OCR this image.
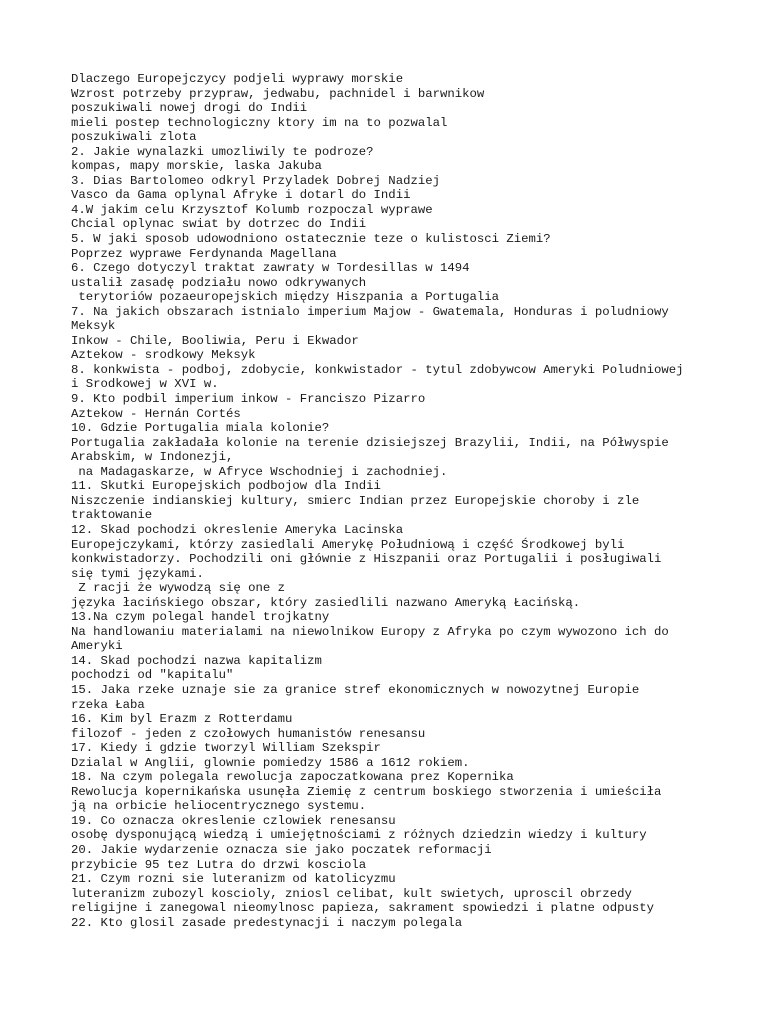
Dlaczego Europejczycy podjeli wyprawy morskie
Wzrost potrzeby przypraw, jedwabu, pachnidel i barwnikow
poszukiwali nowej drogi do Indii
mieli postep technologiczny ktory im na to pozwalal
poszukiwali zlota
2. Jakie wynalazki umozliwily te podroze?
kompas, mapy morskie, laska Jakuba
3. Dias Bartolomeo odkryl Przyladek Dobrej Nadziej
Vasco da Gama oplynal Afryke i dotarl do Indii
4.W jakim celu Krzysztof Kolumb rozpoczal wyprawe
Chcial oplynac swiat by dotrzec do Indii
5. W jaki sposob udowodniono ostatecznie teze o kulistosci Ziemi?
Poprzez wyprawe Ferdynanda Magellana
6. Czego dotyczyl traktat zawraty w Tordesillas w 1494
ustalił zasadę podziału nowo odkrywanych
terytoriów pozaeuropejskich między Hiszpania a Portugalia
7. Na jakich obszarach istnialo imperium Majow - Gwatemala, Honduras i poludniowy
Meksyk
Inkow - Chile, Booliwia, Peru i Ekwador
Aztekow - srodkowy Meksyk
8. konkwista - podboj, zdobycie, konkwistador - tytul zdobywcow Ameryki Poludniowej
i Srodkowej w XVI w.
9. Kto podbil imperium inkow - Franciszo Pizarro
Aztekow - Hernán Cortés
10. Gdzie Portugalia miala kolonie?
Portugalia zakładała kolonie na terenie dzisiejszej Brazylii, Indii, na Półwyspie
Arabskim, w Indonezji,
na Madagaskarze, w Afryce Wschodniej i zachodniej.
11. Skutki Europejskich podbojow dla Indii
Niszczenie indianskiej kultury, smierc Indian przez Europejskie choroby i zle
traktowanie
12. Skad pochodzi okreslenie Ameryka Lacinska
Europejczykami, którzy zasiedlali Amerykę Południową i część Środkowej byli
konkwistadorzy. Pochodzili oni głównie z Hiszpanii oraz Portugalii i posługiwali
się tymi językami.
Z racji że wywodzą się one z
języka łacińskiego obszar, który zasiedlili nazwano Ameryką Łacińską.
13.Na czym polegal handel trojkatny
Na handlowaniu materialami na niewolnikow Europy z Afryka po czym wywozono ich do
Ameryki
14. Skad pochodzi nazwa kapitalizm
pochodzi od "kapitalu"
15. Jaka rzeke uznaje sie za granice stref ekonomicznych w nowozytnej Europie
rzeka Łaba
16. Kim byl Erazm z Rotterdamu
filozof - jeden z czołowych humanistów renesansu
17. Kiedy i gdzie tworzyl William Szekspir
Dzialal w Anglii, glownie pomiedzy 1586 a 1612 rokiem.
18. Na czym polegala rewolucja zapoczatkowana prez Kopernika
Rewolucja kopernikańska usunęła Ziemię z centrum boskiego stworzenia i umieściła
ją na orbicie heliocentrycznego systemu.
19. Co oznacza okreslenie czlowiek renesansu
osobę dysponującą wiedzą i umiejętnościami z różnych dziedzin wiedzy i kultury
20. Jakie wydarzenie oznacza sie jako poczatek reformacji
przybicie 95 tez Lutra do drzwi kosciola
21. Czym rozni sie luteranizm od katolicyzmu
luteranizm zubozyl koscioly, zniosl celibat, kult swietych, uproscil obrzedy
religijne i zanegowal nieomylnosc papieza, sakrament spowiedzi i platne odpusty
22. Kto glosil zasade predestynacji i naczym polegala
